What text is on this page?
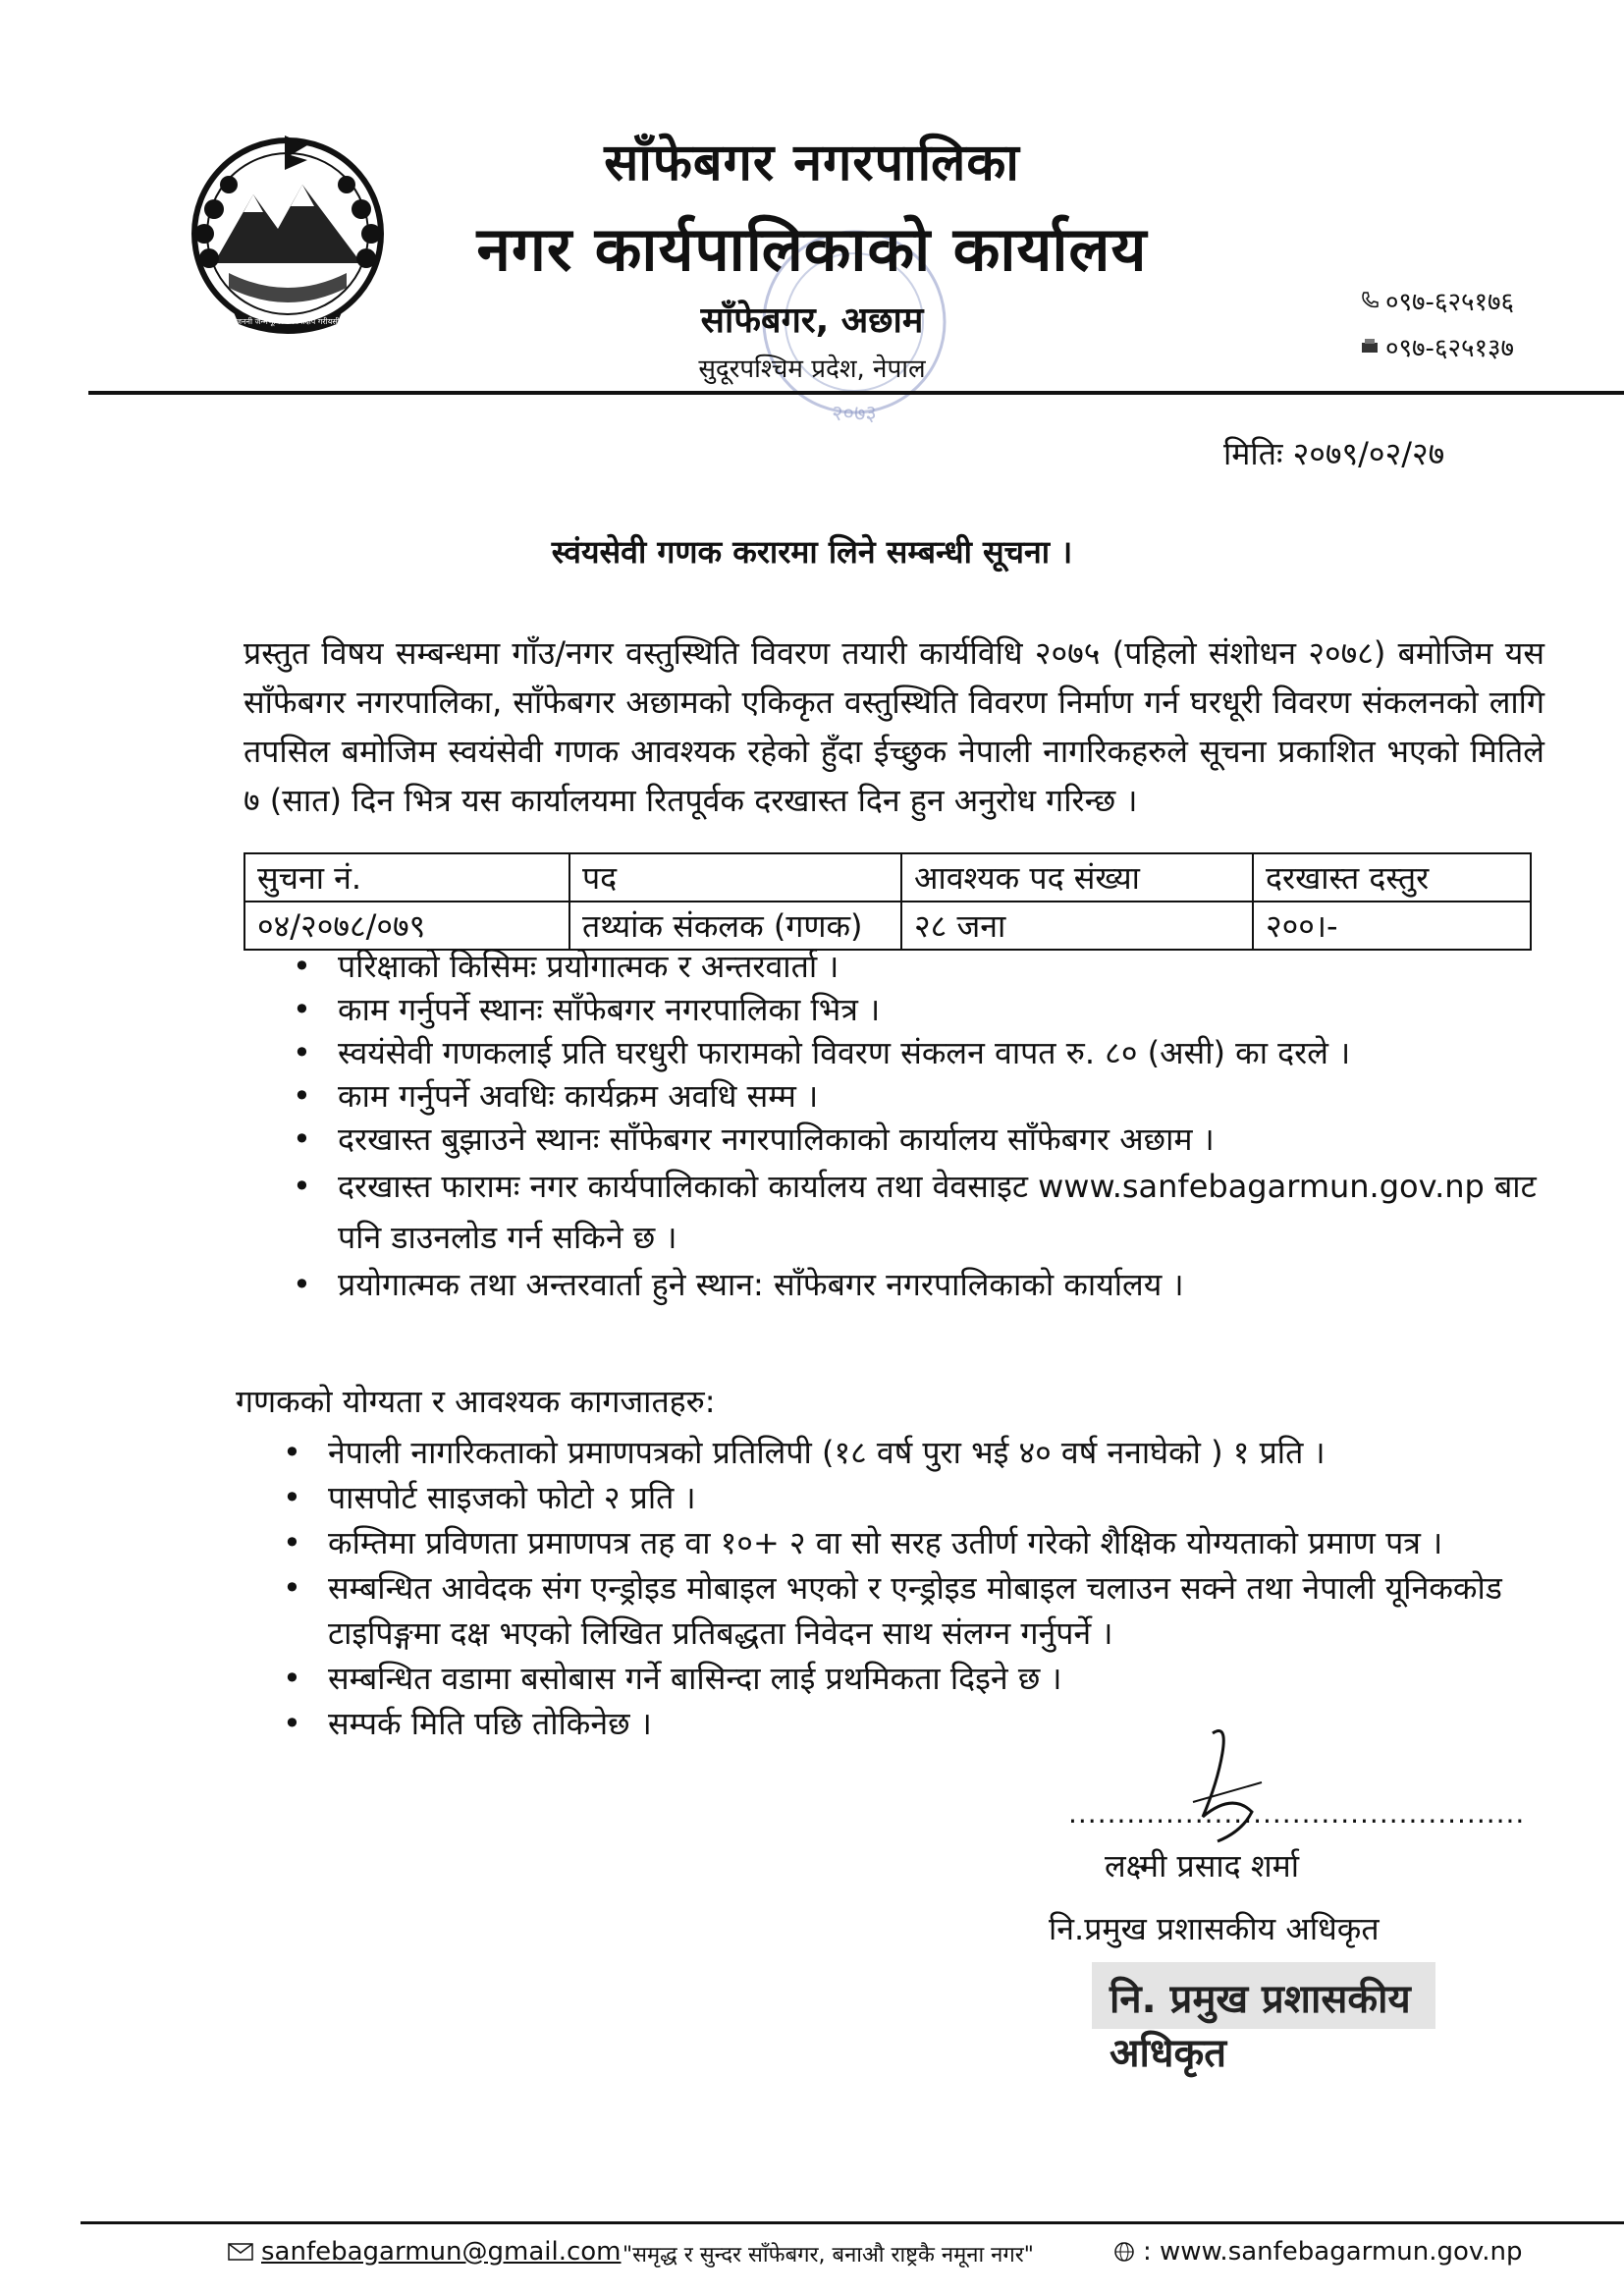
जननी जन्मभूमिश्च स्वर्गादपि गरीयसी
२०७३
साँफेबगर नगरपालिका
नगर कार्यपालिकाको कार्यालय
साँफेबगर, अछाम
सुदूरपश्चिम प्रदेश, नेपाल
०९७-६२५१७६
०९७-६२५१३७
मितिः २०७९/०२/२७
स्वंयसेवी गणक करारमा लिने सम्बन्धी सूचना ।
प्रस्तुत विषय सम्बन्धमा गाँउ/नगर वस्तुस्थिति विवरण तयारी कार्यविधि २०७५ (पहिलो संशोधन २०७८) बमोजिम यस साँफेबगर नगरपालिका, साँफेबगर अछामको एकिकृत वस्तुस्थिति विवरण निर्माण गर्न घरधूरी विवरण संकलनको लागि तपसिल बमोजिम स्वयंसेवी गणक आवश्यक रहेको हुँदा ईच्छुक नेपाली नागरिकहरुले सूचना प्रकाशित भएको मितिले ७ (सात) दिन भित्र यस कार्यालयमा रितपूर्वक दरखास्त दिन हुन अनुरोध गरिन्छ ।
सुचना नं.	पद	आवश्यक पद संख्या	दरखास्त दस्तुर
०४/२०७८/०७९	तथ्यांक संकलक (गणक)	२८ जना	२००।-
• परिक्षाको किसिमः प्रयोगात्मक र अन्तरवार्ता ।
• काम गर्नुपर्ने स्थानः साँफेबगर नगरपालिका भित्र ।
• स्वयंसेवी गणकलाई प्रति घरधुरी फारामको विवरण संकलन वापत रु. ८० (असी) का दरले ।
• काम गर्नुपर्ने अवधिः कार्यक्रम अवधि सम्म ।
• दरखास्त बुझाउने स्थानः साँफेबगर नगरपालिकाको कार्यालय साँफेबगर अछाम ।
• दरखास्त फारामः नगर कार्यपालिकाको कार्यालय तथा वेवसाइट www.sanfebagarmun.gov.np बाट पनि डाउनलोड गर्न सकिने छ ।
• प्रयोगात्मक तथा अन्तरवार्ता हुने स्थान: साँफेबगर नगरपालिकाको कार्यालय ।
गणकको योग्यता र आवश्यक कागजातहरु:
• नेपाली नागरिकताको प्रमाणपत्रको प्रतिलिपी (१८ वर्ष पुरा भई ४० वर्ष ननाघेको ) १ प्रति ।
• पासपोर्ट साइजको फोटो २ प्रति ।
• कम्तिमा प्रविणता प्रमाणपत्र तह वा १०+ २ वा सो सरह उतीर्ण गरेको शैक्षिक योग्यताको प्रमाण पत्र ।
• सम्बन्धित आवेदक संग एन्ड्रोइड मोबाइल भएको र एन्ड्रोइड मोबाइल चलाउन सक्ने तथा नेपाली यूनिककोड टाइपिङ्गमा दक्ष भएको लिखित प्रतिबद्धता निवेदन साथ संलग्न गर्नुपर्ने ।
• सम्बन्धित वडामा बसोबास गर्ने बासिन्दा लाई प्रथमिकता दिइने छ ।
• सम्पर्क मिति पछि तोकिनेछ ।
...............................................
लक्ष्मी प्रसाद शर्मा
नि.प्रमुख प्रशासकीय अधिकृत
नि. प्रमुख प्रशासकीय अधिकृत
sanfebagarmun@gmail.com "समृद्ध र सुन्दर साँफेबगर, बनाऔ राष्ट्रकै नमूना नगर"	: www.sanfebagarmun.gov.np
